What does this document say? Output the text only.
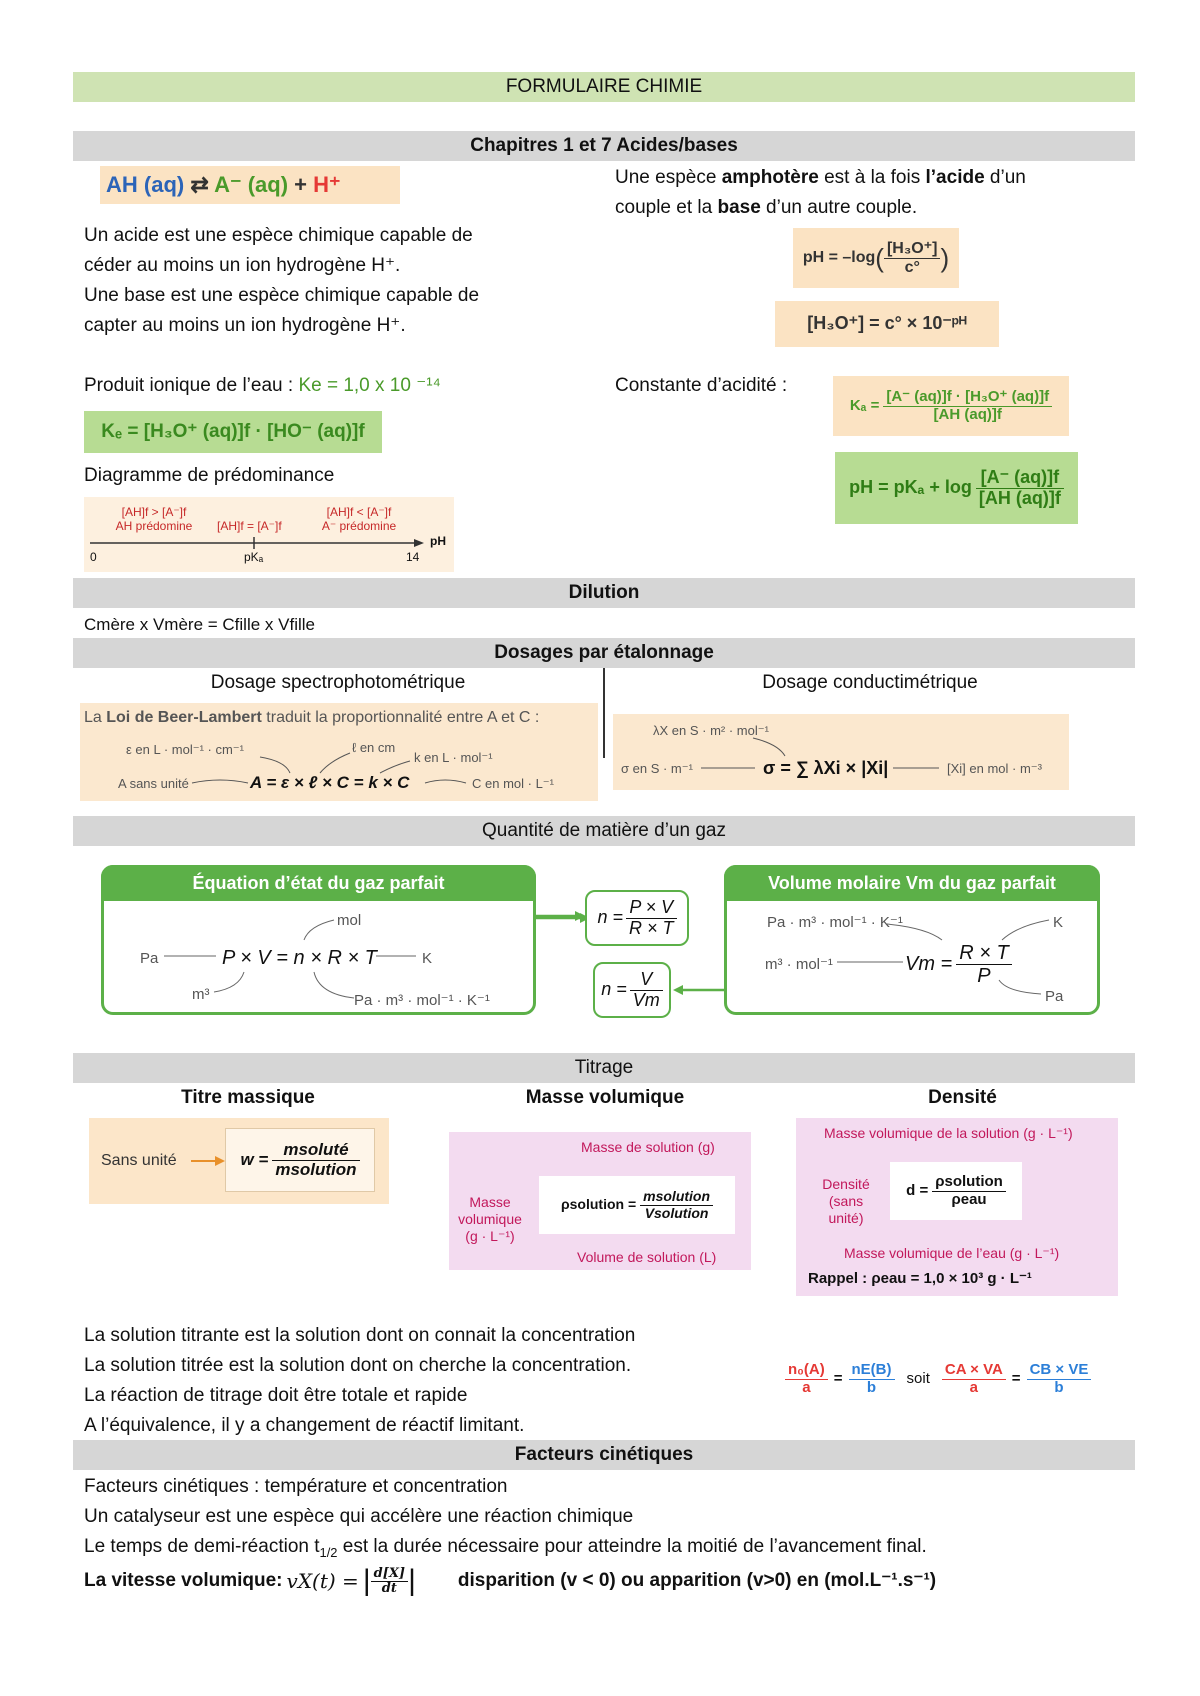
FORMULAIRE CHIMIE
Chapitres 1 et 7 Acides/bases
AH (aq) ⇄ A⁻ (aq) + H⁺
Un acide est une espèce chimique capable de
céder au moins un ion hydrogène H⁺.
Une base est une espèce chimique capable de
capter au moins un ion hydrogène H⁺.
Une espèce amphotère est à la fois l’acide d’un
couple et la base d’un autre couple.
pH = –log ( $\frac{\text{[H₃O⁺]}}{c^\circ}$ )
[H₃O⁺] = c° × 10⁻ᵖᴴ
Produit ionique de l’eau : Ke = 1,0 x 10 ⁻¹⁴
Kₑ = [H₃O⁺ (aq)]f · [HO⁻ (aq)]f
Constante d’acidité :
$K_a = \frac{\text{[A⁻ (aq)]f · [H₃O⁺ (aq)]f}}{[AH (aq)]f}$
pH = $pK_a + \log \frac{[A^- (aq)]f}{[AH (aq)]f}$
Diagramme de prédominance
[AH]f > [A⁻]f
AH prédomine	[AH]f = [A⁻]f
[AH]f < [A⁻]f
A⁻ prédomine
pH
0	pKₐ	14
Dilution
Cmère x Vmère = Cfille x Vfille
Dosages par étalonnage
Dosage spectrophotométrique	Dosage conductimétrique
La Loi de Beer-Lambert traduit la proportionnalité entre A et C :
ε en L · mol⁻¹ · cm⁻¹	ℓ en cm
k en L · mol⁻¹
A sans unité	A = ε × ℓ × C = k × C	C en mol · L⁻¹
λX en S · m² · mol⁻¹
σ en S · m⁻¹	σ = ∑ λXi × |Xi|	[Xi] en mol · m⁻³
Quantité de matière d’un gaz
Équation d’état du gaz parfait
P × V = n × R × T
mol
Pa	K
m³	Pa · m³ · mol⁻¹ · K⁻¹
$n = \frac{P \times V}{R \times T}$
$n = \frac{V}{Vm}$
Volume molaire Vm du gaz parfait
$Vm = \frac{R \times T}{P}$
Pa · m³ · mol⁻¹ · K⁻¹	K
m³ · mol⁻¹
Pa
Titrage
Titre massique	Masse volumique	Densité
Sans unité	$w = \frac{\text{msoluté}}{\text{msolution}}$	Masse de solution (g)
Masse volumique (g · L⁻¹)
ρsolution = $\frac{\text{msolution}}{\text{Vsolution}}$
Volume de solution (L)
Masse volumique de la solution (g · L⁻¹)
Densité (sans unité)
$d = \frac{\text{ρsolution}}{\text{ρeau}}$
Masse volumique de l’eau (g · L⁻¹)
Rappel : ρeau = 1,0 × 10³ g · L⁻¹
La solution titrante est la solution dont on connait la concentration
La solution titrée est la solution dont on cherche la concentration.
La réaction de titrage doit être totale et rapide
A l’équivalence, il y a changement de réactif limitant.
$\frac{\text{n₀(A)}}{a} = \frac{nE(B)}{b}$ soit $\frac{CA \times VA}{a} = \frac{CB \times VE}{b}$
Facteurs cinétiques
Facteurs cinétiques : température et concentration
Un catalyseur est une espèce qui accélère une réaction chimique
Le temps de demi-réaction $t_{1/2}$ est la durée nécessaire pour atteindre la moitié de l’avancement final.
La vitesse volumique: vX(t) = | $\frac{d[X]}{dt}$ | disparition (v < 0) ou apparition (v>0) en (mol.L⁻¹.s⁻¹)
